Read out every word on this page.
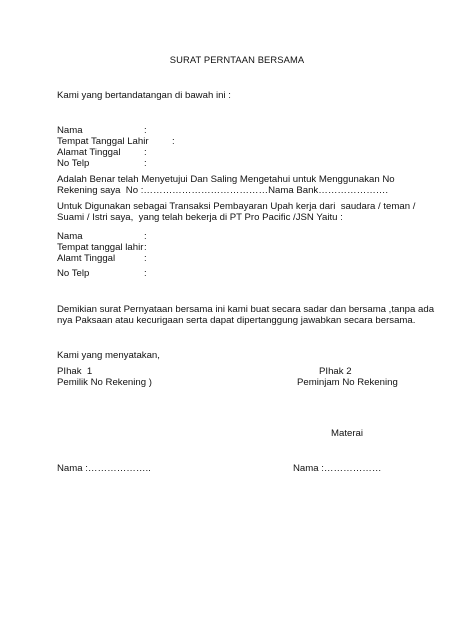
SURAT PERNTAAN BERSAMA
Kami yang bertandatangan di bawah ini :
Nama	:
Tempat Tanggal Lahir :
Alamat Tinggal :
No Telp	:
Adalah Benar telah Menyetujui Dan Saling Mengetahui untuk Menggunakan No
Rekening saya  No :…………………………………Nama Bank………………….
Untuk Digunakan sebagai Transaksi Pembayaran Upah kerja dari  saudara / teman /
Suami / Istri saya,  yang telah bekerja di PT Pro Pacific /JSN Yaitu :
Nama	:
Tempat tanggal lahir :
Alamt Tinggal	:
No Telp	:
Demikian surat Pernyataan bersama ini kami buat secara sadar dan bersama ,tanpa ada
nya Paksaan atau kecurigaan serta dapat dipertanggung jawabkan secara bersama.
Kami yang menyatakan,
PIhak  1	PIhak 2
Pemilik No Rekening )	Peminjam No Rekening
Materai
Nama :………………..	Nama :………………
